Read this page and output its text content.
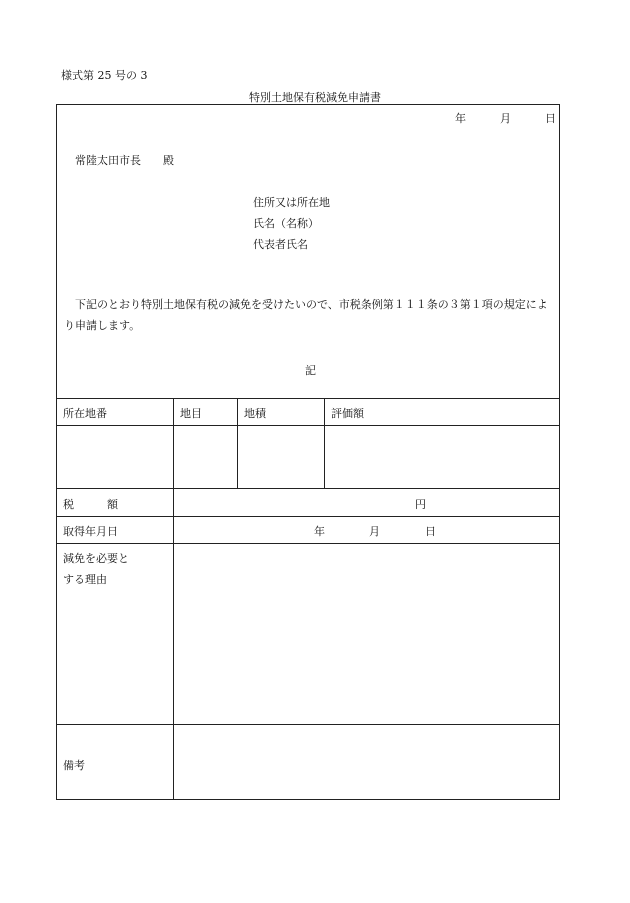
様式第 25 号の 3
特別土地保有税減免申請書
年	月	日
常陸太田市長　　殿
住所又は所在地
氏名（名称）
代表者氏名
下記のとおり特別土地保有税の減免を受けたいので、市税条例第１１１条の３第１項の規定により申請します。
記
所在地番	地目	地積	評価額
税　　　額	円
取得年月日	年	月	日
減免を必要と
する理由
備考
